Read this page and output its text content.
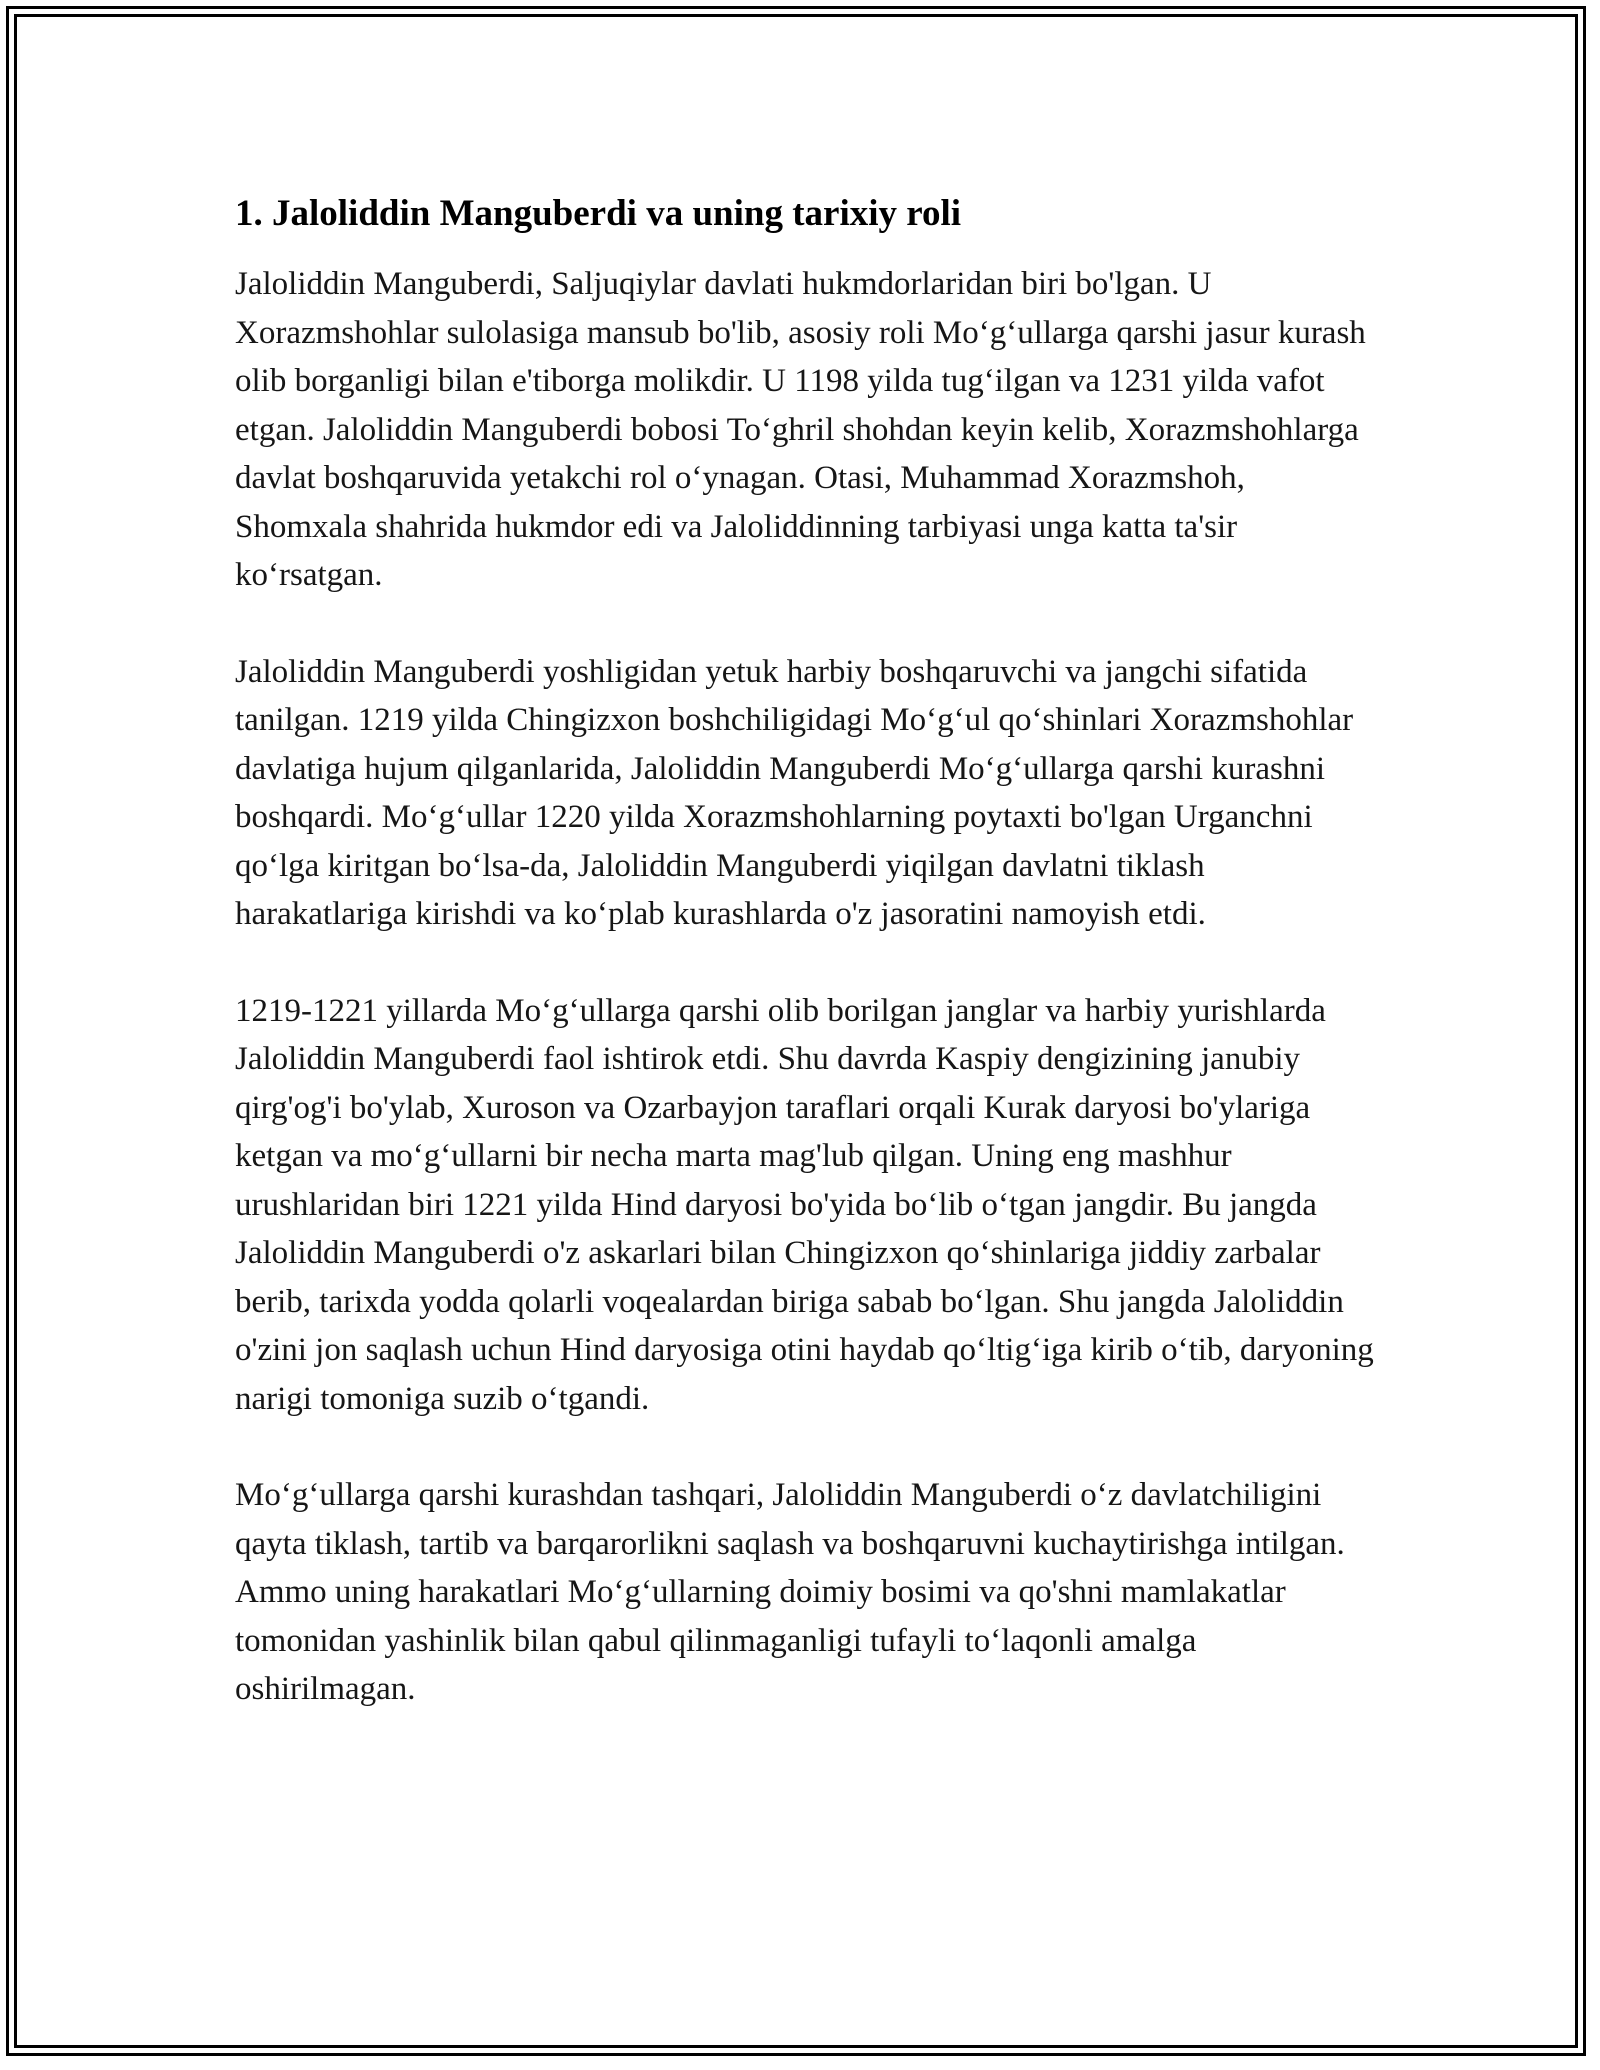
1. Jaloliddin Manguberdi va uning tarixiy roli

Jaloliddin Manguberdi, Saljuqiylar davlati hukmdorlaridan biri bo'lgan. U Xorazmshohlar sulolasiga mansub bo'lib, asosiy roli Mo‘g‘ullarga qarshi jasur kurash olib borganligi bilan e'tiborga molikdir. U 1198 yilda tug‘ilgan va 1231 yilda vafot etgan. Jaloliddin Manguberdi bobosi To‘ghril shohdan keyin kelib, Xorazmshohlarga davlat boshqaruvida yetakchi rol o‘ynagan. Otasi, Muhammad Xorazmshoh, Shomxala shahrida hukmdor edi va Jaloliddinning tarbiyasi unga katta ta'sir ko‘rsatgan.

Jaloliddin Manguberdi yoshligidan yetuk harbiy boshqaruvchi va jangchi sifatida tanilgan. 1219 yilda Chingizxon boshchiligidagi Mo‘g‘ul qo‘shinlari Xorazmshohlar davlatiga hujum qilganlarida, Jaloliddin Manguberdi Mo‘g‘ullarga qarshi kurashni boshqardi. Mo‘g‘ullar 1220 yilda Xorazmshohlarning poytaxti bo'lgan Urganchni qo‘lga kiritgan bo‘lsa-da, Jaloliddin Manguberdi yiqilgan davlatni tiklash harakatlariga kirishdi va ko‘plab kurashlarda o'z jasoratini namoyish etdi.

1219-1221 yillarda Mo‘g‘ullarga qarshi olib borilgan janglar va harbiy yurishlarda Jaloliddin Manguberdi faol ishtirok etdi. Shu davrda Kaspiy dengizining janubiy qirg'og'i bo'ylab, Xuroson va Ozarbayjon taraflari orqali Kurak daryosi bo'ylariga ketgan va mo‘g‘ullarni bir necha marta mag'lub qilgan. Uning eng mashhur urushlaridan biri 1221 yilda Hind daryosi bo'yida bo‘lib o‘tgan jangdir. Bu jangda Jaloliddin Manguberdi o'z askarlari bilan Chingizxon qo‘shinlariga jiddiy zarbalar berib, tarixda yodda qolarli voqealardan biriga sabab bo‘lgan. Shu jangda Jaloliddin o'zini jon saqlash uchun Hind daryosiga otini haydab qo‘ltig‘iga kirib o‘tib, daryoning narigi tomoniga suzib o‘tgandi.

Mo‘g‘ullarga qarshi kurashdan tashqari, Jaloliddin Manguberdi o‘z davlatchiligini qayta tiklash, tartib va barqarorlikni saqlash va boshqaruvni kuchaytirishga intilgan. Ammo uning harakatlari Mo‘g‘ullarning doimiy bosimi va qo'shni mamlakatlar tomonidan yashinlik bilan qabul qilinmaganligi tufayli to‘laqonli amalga oshirilmagan.
